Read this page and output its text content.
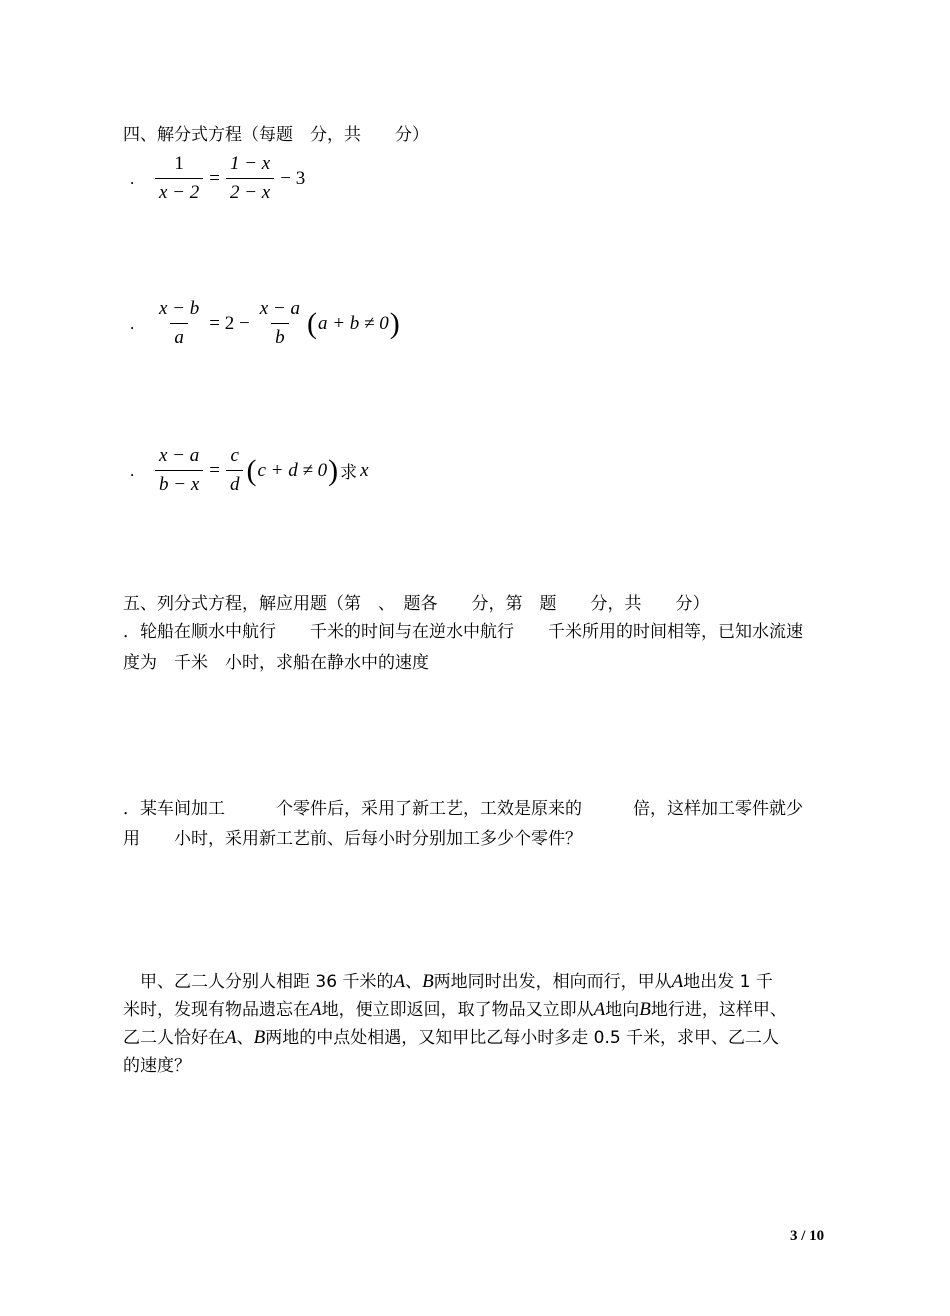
四、解分式方程（每题　分，共　　分）
.	$\frac{1}{x - 2} = \frac{1 - x}{2 - x} - 3$
.	$\frac{x - b}{a} = 2 - \frac{x - a}{b}$ ( a + b ≠ 0 )
.	$\frac{x - a}{b - x} = \frac{c}{d}$ ( c + d ≠ 0 ) 求 x
五、列分式方程，解应用题（第　、　题各　　分，第　题　　分，共　　分）
．轮船在顺水中航行　　千米的时间与在逆水中航行　　千米所用的时间相等，已知水流速
度为　千米　小时，求船在静水中的速度
．某车间加工　　　个零件后，采用了新工艺，工效是原来的　　　倍，这样加工零件就少
用　　小时，采用新工艺前、后每小时分别加工多少个零件？
甲、乙二人分别人相距 36 千米的A、B两地同时出发，相向而行，甲从A地出发 1 千
米时，发现有物品遗忘在A地，便立即返回，取了物品又立即从A地向B地行进，这样甲、
乙二人恰好在A、B两地的中点处相遇，又知甲比乙每小时多走 0.5 千米，求甲、乙二人
的速度？
3 / 10
